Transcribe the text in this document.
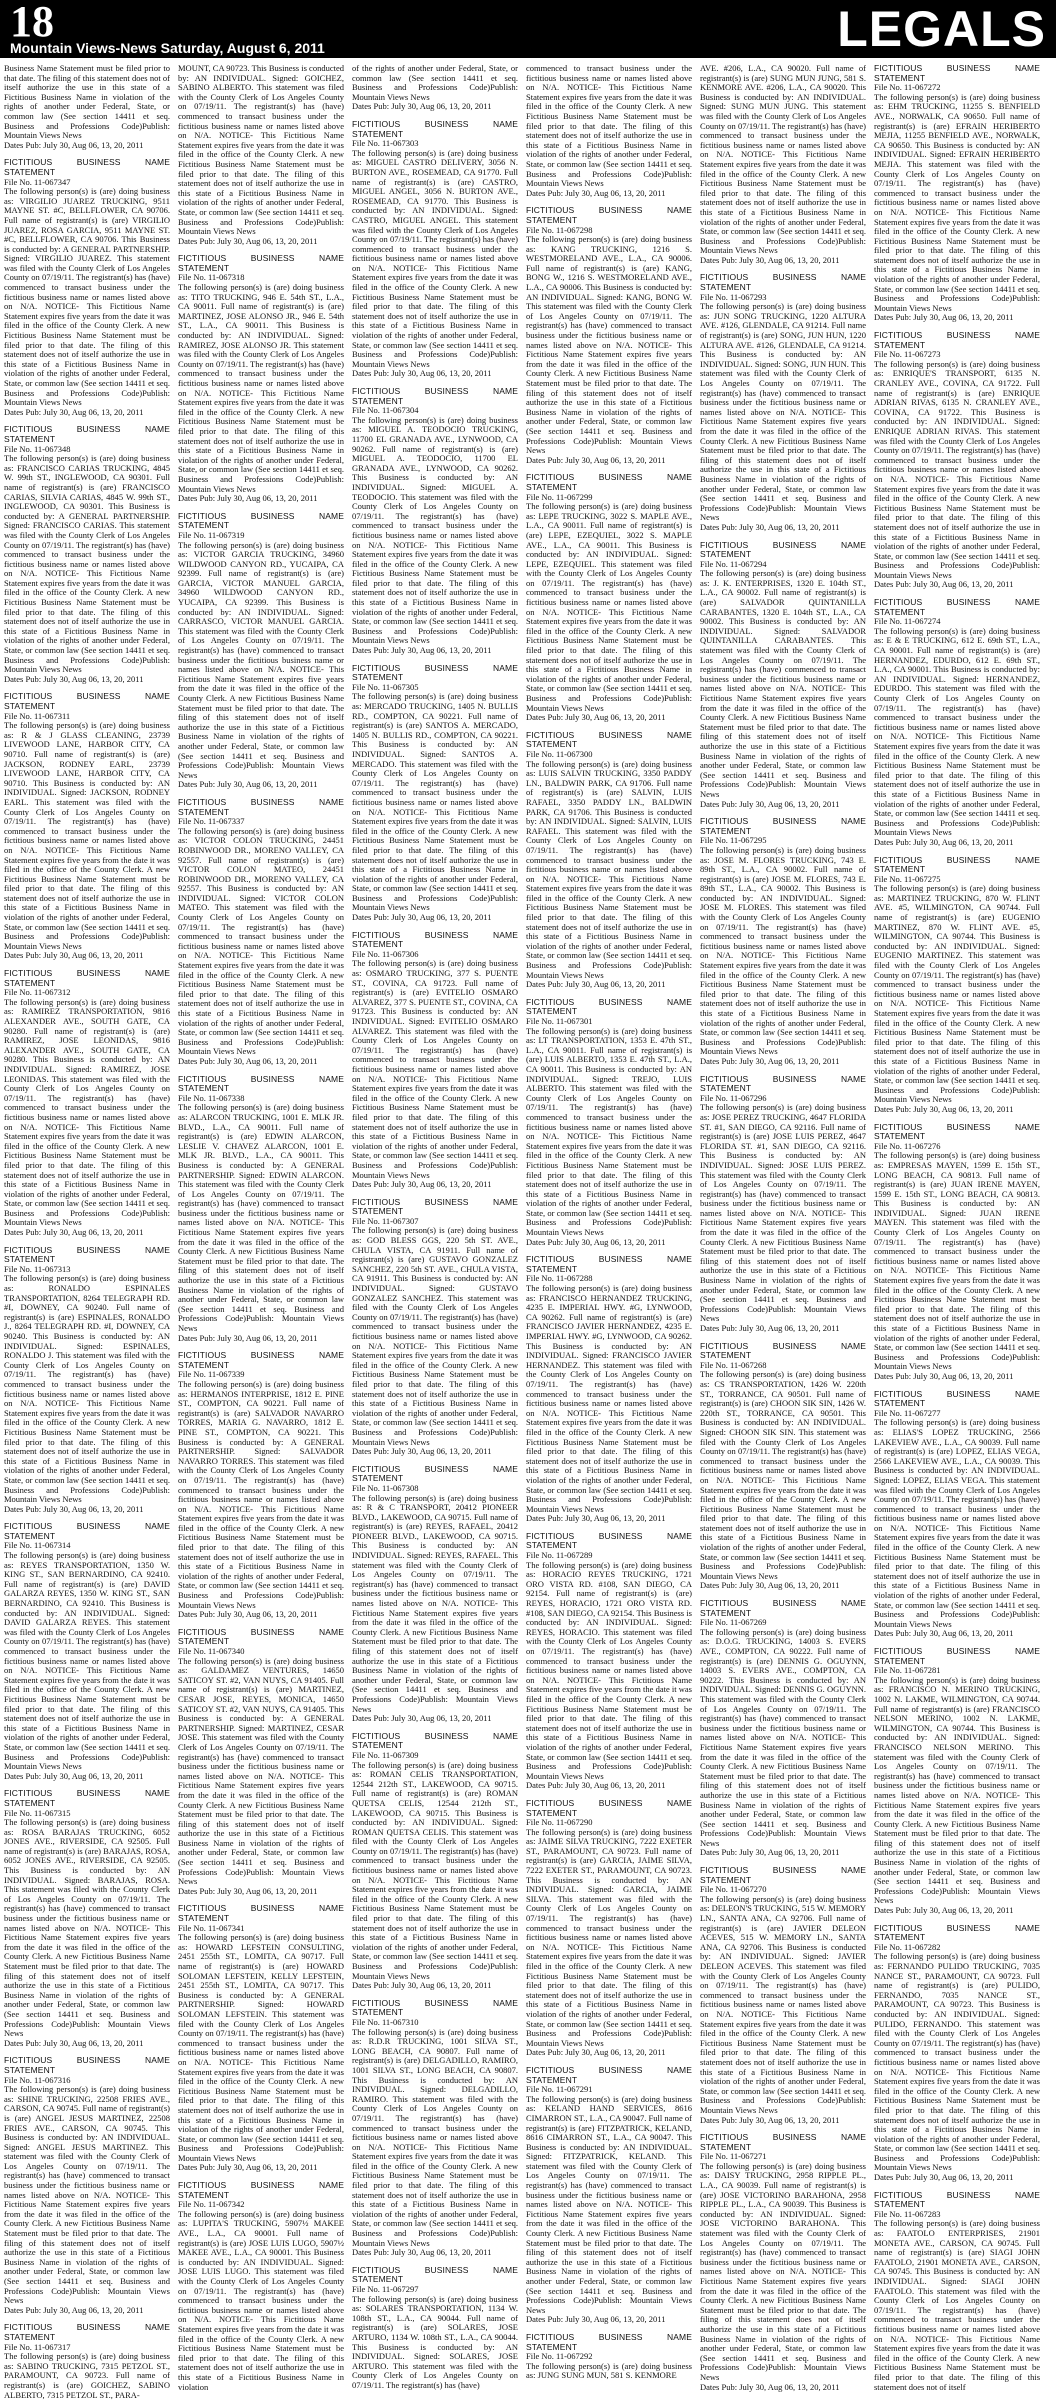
18
Mountain Views-News Saturday, August 6, 2011	LEGALS
Business Name Statement must be filed prior to that date. The filing of this statement does not of itself authorize the use in this state of a Fictitious Business Name in violation of the rights of another under Federal, State, or common law (See section 14411 et seq. Business and Professions Code)Publish: Mountain Views News
Dates Pub: July 30, Aug 06, 13, 20, 2011
FICTITIOUS BUSINESS NAME STATEMENT
File No. 11-067347
The following person(s) is (are) doing business as: VIRGILIO JUAREZ TRUCKING, 9511 MAYNE ST. #C, BELLFLOWER, CA 90706. Full name of registrant(s) is (are) VIRGILIO JUAREZ, ROSA GARCIA, 9511 MAYNE ST. #C, BELLFLOWER, CA 90706. This Business is conducted by: A GENERAL PARTNERSHIP. Signed: VIRGILIO JUAREZ. This statement was filed with the County Clerk of Los Angeles County on 07/19/11. The registrant(s) has (have) commenced to transact business under the fictitious business name or names listed above on N/A. NOTICE- This Fictitious Name Statement expires five years from the date it was filed in the office of the County Clerk. A new Fictitious Business Name Statement must be filed prior to that date. The filing of this statement does not of itself authorize the use in this state of a Fictitious Business Name in violation of the rights of another under Federal, State, or common law (See section 14411 et seq. Business and Professions Code)Publish: Mountain Views News
Dates Pub: July 30, Aug 06, 13, 20, 2011
FICTITIOUS BUSINESS NAME STATEMENT
File No. 11-067348
The following person(s) is (are) doing business as: FRANCISCO CARIAS TRUCKING, 4845 W. 99th ST., INGLEWOOD, CA 90301. Full name of registrant(s) is (are) FRANCISCO CARIAS, SILVIA CARIAS, 4845 W. 99th ST., INGLEWOOD, CA 90301. This Business is conducted by: A GENERAL PARTNERSHIP. Signed: FRANCISCO CARIAS. This statement was filed with the County Clerk of Los Angeles County on 07/19/11. The registrant(s) has (have) commenced to transact business under the fictitious business name or names listed above on N/A. NOTICE- This Fictitious Name Statement expires five years from the date it was filed in the office of the County Clerk. A new Fictitious Business Name Statement must be filed prior to that date. The filing of this statement does not of itself authorize the use in this state of a Fictitious Business Name in violation of the rights of another under Federal, State, or common law (See section 14411 et seq. Business and Professions Code)Publish: Mountain Views News
Dates Pub: July 30, Aug 06, 13, 20, 2011
FICTITIOUS BUSINESS NAME STATEMENT
File No. 11-067311
The following person(s) is (are) doing business as: R & J GLASS CLEANING, 23739 LIVEWOOD LANE, HARBOR CITY, CA 90710. Full name of registrant(s) is (are) JACKSON, RODNEY EARL, 23739 LIVEWOOD LANE, HARBOR CITY, CA 90710. This Business is conducted by: AN INDIVIDUAL. Signed: JACKSON, RODNEY EARL. This statement was filed with the County Clerk of Los Angeles County on 07/19/11. The registrant(s) has (have) commenced to transact business under the fictitious business name or names listed above on N/A. NOTICE- This Fictitious Name Statement expires five years from the date it was filed in the office of the County Clerk. A new Fictitious Business Name Statement must be filed prior to that date. The filing of this statement does not of itself authorize the use in this state of a Fictitious Business Name in violation of the rights of another under Federal, State, or common law (See section 14411 et seq. Business and Professions Code)Publish: Mountain Views News
Dates Pub: July 30, Aug 06, 13, 20, 2011
FICTITIOUS BUSINESS NAME STATEMENT
File No. 11-067312
The following person(s) is (are) doing business as: RAMIREZ TRANSPORTATION, 9816 ALEXANDER AVE., SOUTH GATE, CA 90280. Full name of registrant(s) is (are) RAMIREZ, JOSE LEONIDAS, 9816 ALEXANDER AVE., SOUTH GATE, CA 90280. This Business is conducted by: AN INDIVIDUAL. Signed: RAMIREZ, JOSE LEONIDAS. This statement was filed with the County Clerk of Los Angeles County on 07/19/11. The registrant(s) has (have) commenced to transact business under the fictitious business name or names listed above on N/A. NOTICE- This Fictitious Name Statement expires five years from the date it was filed in the office of the County Clerk. A new Fictitious Business Name Statement must be filed prior to that date. The filing of this statement does not of itself authorize the use in this state of a Fictitious Business Name in violation of the rights of another under Federal, State, or common law (See section 14411 et seq. Business and Professions Code)Publish: Mountain Views News
Dates Pub: July 30, Aug 06, 13, 20, 2011
FICTITIOUS BUSINESS NAME STATEMENT
File No. 11-067313
The following person(s) is (are) doing business as: RONALDO ESPINALES TRANSPORTATION, 8264 TELEGRAPH RD. #I, DOWNEY, CA 90240. Full name of registrant(s) is (are) ESPINALES, RONALDO J., 8264 TELEGRAPH RD. #I, DOWNEY, CA 90240. This Business is conducted by: AN INDIVIDUAL. Signed: ESPINALES, RONALDO J. This statement was filed with the County Clerk of Los Angeles County on 07/19/11. The registrant(s) has (have) commenced to transact business under the fictitious business name or names listed above on N/A. NOTICE- This Fictitious Name Statement expires five years from the date it was filed in the office of the County Clerk. A new Fictitious Business Name Statement must be filed prior to that date. The filing of this statement does not of itself authorize the use in this state of a Fictitious Business Name in violation of the rights of another under Federal, State, or common law (See section 14411 et seq. Business and Professions Code)Publish: Mountain Views News
Dates Pub: July 30, Aug 06, 13, 20, 2011
FICTITIOUS BUSINESS NAME STATEMENT
File No. 11-067314
The following person(s) is (are) doing business as: REYES TRANSPORTATION, 1350 W. KING ST., SAN BERNARDINO, CA 92410. Full name of registrant(s) is (are) DAVID GALARZA REYES, 1350 W. KING ST., SAN BERNARDINO, CA 92410. This Business is conducted by: AN INDIVIDUAL. Signed: DAVID GALARZA REYES. This statement was filed with the County Clerk of Los Angeles County on 07/19/11. The registrant(s) has (have) commenced to transact business under the fictitious business name or names listed above on N/A. NOTICE- This Fictitious Name Statement expires five years from the date it was filed in the office of the County Clerk. A new Fictitious Business Name Statement must be filed prior to that date. The filing of this statement does not of itself authorize the use in this state of a Fictitious Business Name in violation of the rights of another under Federal, State, or common law (See section 14411 et seq. Business and Professions Code)Publish: Mountain Views News
Dates Pub: July 30, Aug 06, 13, 20, 2011
FICTITIOUS BUSINESS NAME STATEMENT
File No. 11-067315
The following person(s) is (are) doing business as: ROSA BARAJAS TRUCKING, 6052 JONES AVE., RIVERSIDE, CA 92505. Full name of registrant(s) is (are) BARAJAS, ROSA, 6052 JONES AVE., RIVERSIDE, CA 92505. This Business is conducted by: AN INDIVIDUAL. Signed: BARAJAS, ROSA. This statement was filed with the County Clerk of Los Angeles County on 07/19/11. The registrant(s) has (have) commenced to transact business under the fictitious business name or names listed above on N/A. NOTICE- This Fictitious Name Statement expires five years from the date it was filed in the office of the County Clerk. A new Fictitious Business Name Statement must be filed prior to that date. The filing of this statement does not of itself authorize the use in this state of a Fictitious Business Name in violation of the rights of another under Federal, State, or common law (See section 14411 et seq. Business and Professions Code)Publish: Mountain Views News
Dates Pub: July 30, Aug 06, 13, 20, 2011
FICTITIOUS BUSINESS NAME STATEMENT
File No. 11-067316
The following person(s) is (are) doing business as: SHINE TRUCKING, 22508 FRIES AVE., CARSON, CA 90745. Full name of registrant(s) is (are) ANGEL JESUS MARTINEZ, 22508 FRIES AVE., CARSON, CA 90745. This Business is conducted by: AN INDIVIDUAL. Signed: ANGEL JESUS MARTINEZ. This statement was filed with the County Clerk of Los Angeles County on 07/19/11. The registrant(s) has (have) commenced to transact business under the fictitious business name or names listed above on N/A. NOTICE- This Fictitious Name Statement expires five years from the date it was filed in the office of the County Clerk. A new Fictitious Business Name Statement must be filed prior to that date. The filing of this statement does not of itself authorize the use in this state of a Fictitious Business Name in violation of the rights of another under Federal, State, or common law (See section 14411 et seq. Business and Professions Code)Publish: Mountain Views News
Dates Pub: July 30, Aug 06, 13, 20, 2011
FICTITIOUS BUSINESS NAME STATEMENT
File No. 11-067317
The following person(s) is (are) doing business as: SABINO TRUCKING, 7315 PETZOL ST., PARAMOUNT, CA 90723. Full name of registrant(s) is (are) GOICHEZ, SABINO ALBERTO, 7315 PETZOL ST., PARA-
MOUNT, CA 90723. This Business is conducted by: AN INDIVIDUAL. Signed: GOICHEZ, SABINO ALBERTO. This statement was filed with the County Clerk of Los Angeles County on 07/19/11. The registrant(s) has (have) commenced to transact business under the fictitious business name or names listed above on N/A. NOTICE- This Fictitious Name Statement expires five years from the date it was filed in the office of the County Clerk. A new Fictitious Business Name Statement must be filed prior to that date. The filing of this statement does not of itself authorize the use in this state of a Fictitious Business Name in violation of the rights of another under Federal, State, or common law (See section 14411 et seq. Business and Professions Code)Publish: Mountain Views News
Dates Pub: July 30, Aug 06, 13, 20, 2011
FICTITIOUS BUSINESS NAME STATEMENT
File No. 11-067318
The following person(s) is (are) doing business as: TITO TRUCKING, 946 E. 54th ST., L.A., CA 90011. Full name of registrant(s) is (are) MARTINEZ, JOSE ALONSO JR., 946 E. 54th ST., L.A., CA 90011. This Business is conducted by: AN INDIVIDUAL. Signed: RAMIREZ, JOSE ALONSO JR. This statement was filed with the County Clerk of Los Angeles County on 07/19/11. The registrant(s) has (have) commenced to transact business under the fictitious business name or names listed above on N/A. NOTICE- This Fictitious Name Statement expires five years from the date it was filed in the office of the County Clerk. A new Fictitious Business Name Statement must be filed prior to that date. The filing of this statement does not of itself authorize the use in this state of a Fictitious Business Name in violation of the rights of another under Federal, State, or common law (See section 14411 et seq. Business and Professions Code)Publish: Mountain Views News
Dates Pub: July 30, Aug 06, 13, 20, 2011
FICTITIOUS BUSINESS NAME STATEMENT
File No. 11-067319
The following person(s) is (are) doing business as: VICTOR GARCIA TRUCKING, 34960 WILDWOOD CANYON RD., YUCAIPA, CA 92399. Full name of registrant(s) is (are) GARCIA, VICTOR MANUEL GARCIA, 34960 WILDWOOD CANYON RD., YUCAIPA, CA 92399. This Business is conducted by: AN INDIVIDUAL. Signed: CARRASCO, VICTOR MANUEL GARCIA. This statement was filed with the County Clerk of Los Angeles County on 07/19/11. The registrant(s) has (have) commenced to transact business under the fictitious business name or names listed above on N/A. NOTICE- This Fictitious Name Statement expires five years from the date it was filed in the office of the County Clerk. A new Fictitious Business Name Statement must be filed prior to that date. The filing of this statement does not of itself authorize the use in this state of a Fictitious Business Name in violation of the rights of another under Federal, State, or common law (See section 14411 et seq. Business and Professions Code)Publish: Mountain Views News
Dates Pub: July 30, Aug 06, 13, 20, 2011
FICTITIOUS BUSINESS NAME STATEMENT
File No. 11-067337
The following person(s) is (are) doing business as: VICTOR COLON TRUCKING, 24451 ROBINWOOD DR., MORENO VALLEY, CA 92557. Full name of registrant(s) is (are) VICTOR COLON MATEO, 24451 ROBINWOOD DR., MORENO VALLEY, CA 92557. This Business is conducted by: AN INDIVIDUAL. Signed: VICTOR COLON MATEO. This statement was filed with the County Clerk of Los Angeles County on 07/19/11. The registrant(s) has (have) commenced to transact business under the fictitious business name or names listed above on N/A. NOTICE- This Fictitious Name Statement expires five years from the date it was filed in the office of the County Clerk. A new Fictitious Business Name Statement must be filed prior to that date. The filing of this statement does not of itself authorize the use in this state of a Fictitious Business Name in violation of the rights of another under Federal, State, or common law (See section 14411 et seq. Business and Professions Code)Publish: Mountain Views News
Dates Pub: July 30, Aug 06, 13, 20, 2011
FICTITIOUS BUSINESS NAME STATEMENT
File No. 11-067338
The following person(s) is (are) doing business as: ALARCON TRUCKING, 1001 E. MLK JR. BLVD., L.A., CA 90011. Full name of registrant(s) is (are) EDWIN ALARCON, LESLIE V. CHAVEZ ALARCON, 1001 E. MLK JR. BLVD., L.A., CA 90011. This Business is conducted by: A GENERAL PARTNERSHIP. Signed: EDWIN ALARCON. This statement was filed with the County Clerk of Los Angeles County on 07/19/11. The registrant(s) has (have) commenced to transact business under the fictitious business name or names listed above on N/A. NOTICE- This Fictitious Name Statement expires five years from the date it was filed in the office of the County Clerk. A new Fictitious Business Name Statement must be filed prior to that date. The filing of this statement does not of itself authorize the use in this state of a Fictitious Business Name in violation of the rights of another under Federal, State, or common law (See section 14411 et seq. Business and Professions Code)Publish: Mountain Views News
Dates Pub: July 30, Aug 06, 13, 20, 2011
FICTITIOUS BUSINESS NAME STATEMENT
File No. 11-067339
The following person(s) is (are) doing business as: HERMANOS INTERPRISE, 1812 E. PINE ST., COMPTON, CA 90221. Full name of registrant(s) is (are) SALVADOR NAVARRO TORRES, MARIA G. NAVARRO, 1812 E. PINE ST., COMPTON, CA 90221. This Business is conducted by: A GENERAL PARTNERSHIP. Signed: SALVADOR NAVARRO TORRES. This statement was filed with the County Clerk of Los Angeles County on 07/19/11. The registrant(s) has (have) commenced to transact business under the fictitious business name or names listed above on N/A. NOTICE- This Fictitious Name Statement expires five years from the date it was filed in the office of the County Clerk. A new Fictitious Business Name Statement must be filed prior to that date. The filing of this statement does not of itself authorize the use in this state of a Fictitious Business Name in violation of the rights of another under Federal, State, or common law (See section 14411 et seq. Business and Professions Code)Publish: Mountain Views News
Dates Pub: July 30, Aug 06, 13, 20, 2011
FICTITIOUS BUSINESS NAME STATEMENT
File No. 11-067340
The following person(s) is (are) doing business as: GALDAMEZ VENTURES, 14650 SATICOY ST. #2, VAN NUYS, CA 91405. Full name of registrant(s) is (are) MARTINEZ, CESAR JOSE, REYES, MONICA, 14650 SATICOY ST. #2, VAN NUYS, CA 91405. This Business is conducted by: A GENERAL PARTNERSHIP. Signed: MARTINEZ, CESAR JOSE. This statement was filed with the County Clerk of Los Angeles County on 07/19/11. The registrant(s) has (have) commenced to transact business under the fictitious business name or names listed above on N/A. NOTICE- This Fictitious Name Statement expires five years from the date it was filed in the office of the County Clerk. A new Fictitious Business Name Statement must be filed prior to that date. The filing of this statement does not of itself authorize the use in this state of a Fictitious Business Name in violation of the rights of another under Federal, State, or common law (See section 14411 et seq. Business and Professions Code)Publish: Mountain Views News
Dates Pub: July 30, Aug 06, 13, 20, 2011
FICTITIOUS BUSINESS NAME STATEMENT
File No. 11-067341
The following person(s) is (are) doing business as: HOWARD LEFSTEIN CONSULTING, 2451 255th ST., LOMITA, CA 90717. Full name of registrant(s) is (are) HOWARD SOLOMAN LEFSTEIN, KELLY LEFSTEIN, 2451 255th ST., LOMITA, CA 90717. This Business is conducted by: A GENERAL PARTNERSHIP. Signed: HOWARD SOLOMAN LEFSTEIN. This statement was filed with the County Clerk of Los Angeles County on 07/19/11. The registrant(s) has (have) commenced to transact business under the fictitious business name or names listed above on N/A. NOTICE- This Fictitious Name Statement expires five years from the date it was filed in the office of the County Clerk. A new Fictitious Business Name Statement must be filed prior to that date. The filing of this statement does not of itself authorize the use in this state of a Fictitious Business Name in violation of the rights of another under Federal, State, or common law (See section 14411 et seq. Business and Professions Code)Publish: Mountain Views News
Dates Pub: July 30, Aug 06, 13, 20, 2011
FICTITIOUS BUSINESS NAME STATEMENT
File No. 11-067342
The following person(s) is (are) doing business as: LUPITA'S TRUCKING, 5907½ MAKEE AVE., L.A., CA 90001. Full name of registrant(s) is (are) JOSE LUIS LUGO, 5907½ MAKEE AVE., L.A., CA 90001. This Business is conducted by: AN INDIVIDUAL. Signed: JOSE LUIS LUGO. This statement was filed with the County Clerk of Los Angeles County on 07/19/11. The registrant(s) has (have) commenced to transact business under the fictitious business name or names listed above on N/A. NOTICE- This Fictitious Name Statement expires five years from the date it was filed in the office of the County Clerk. A new Fictitious Business Name Statement must be filed prior to that date. The filing of this statement does not of itself authorize the use in this state of a Fictitious Business Name in violation
of the rights of another under Federal, State, or common law (See section 14411 et seq. Business and Professions Code)Publish: Mountain Views News
Dates Pub: July 30, Aug 06, 13, 20, 2011
FICTITIOUS BUSINESS NAME STATEMENT
File No. 11-067303
The following person(s) is (are) doing business as: MIGUEL CASTRO DELIVERY, 3056 N. BURTON AVE., ROSEMEAD, CA 91770. Full name of registrant(s) is (are) CASTRO, MIGUEL ANGEL, 3056 N. BURTON AVE., ROSEMEAD, CA 91770. This Business is conducted by: AN INDIVIDUAL. Signed: CASTRO, MIGUEL ANGEL. This statement was filed with the County Clerk of Los Angeles County on 07/19/11. The registrant(s) has (have) commenced to transact business under the fictitious business name or names listed above on N/A. NOTICE- This Fictitious Name Statement expires five years from the date it was filed in the office of the County Clerk. A new Fictitious Business Name Statement must be filed prior to that date. The filing of this statement does not of itself authorize the use in this state of a Fictitious Business Name in violation of the rights of another under Federal, State, or common law (See section 14411 et seq. Business and Professions Code)Publish: Mountain Views News
Dates Pub: July 30, Aug 06, 13, 20, 2011
FICTITIOUS BUSINESS NAME STATEMENT
File No. 11-067304
The following person(s) is (are) doing business as: MIGUEL A. TEODOCIO TRUCKING, 11700 EL GRANADA AVE., LYNWOOD, CA 90262. Full name of registrant(s) is (are) MIGUEL A. TEODOCIO, 11700 EL GRANADA AVE., LYNWOOD, CA 90262. This Business is conducted by: AN INDIVIDUAL. Signed: MIGUEL A. TEODOCIO. This statement was filed with the County Clerk of Los Angeles County on 07/19/11. The registrant(s) has (have) commenced to transact business under the fictitious business name or names listed above on N/A. NOTICE- This Fictitious Name Statement expires five years from the date it was filed in the office of the County Clerk. A new Fictitious Business Name Statement must be filed prior to that date. The filing of this statement does not of itself authorize the use in this state of a Fictitious Business Name in violation of the rights of another under Federal, State, or common law (See section 14411 et seq. Business and Professions Code)Publish: Mountain Views News
Dates Pub: July 30, Aug 06, 13, 20, 2011
FICTITIOUS BUSINESS NAME STATEMENT
File No. 11-067305
The following person(s) is (are) doing business as: MERCADO TRUCKING, 1405 N. BULLIS RD., COMPTON, CA 90221. Full name of registrant(s) is (are) SANTOS A. MERCADO, 1405 N. BULLIS RD., COMPTON, CA 90221. This Business is conducted by: AN INDIVIDUAL. Signed: SANTOS A. MERCADO. This statement was filed with the County Clerk of Los Angeles County on 07/19/11. The registrant(s) has (have) commenced to transact business under the fictitious business name or names listed above on N/A. NOTICE- This Fictitious Name Statement expires five years from the date it was filed in the office of the County Clerk. A new Fictitious Business Name Statement must be filed prior to that date. The filing of this statement does not of itself authorize the use in this state of a Fictitious Business Name in violation of the rights of another under Federal, State, or common law (See section 14411 et seq. Business and Professions Code)Publish: Mountain Views News
Dates Pub: July 30, Aug 06, 13, 20, 2011
FICTITIOUS BUSINESS NAME STATEMENT
File No. 11-067306
The following person(s) is (are) doing business as: OSMARO TRUCKING, 377 S. PUENTE ST., COVINA, CA 91723. Full name of registrant(s) is (are) EVITELIO OSMARO ALVAREZ, 377 S. PUENTE ST., COVINA, CA 91723. This Business is conducted by: AN INDIVIDUAL. Signed: EVITELIO OSMARO ALVAREZ. This statement was filed with the County Clerk of Los Angeles County on 07/19/11. The registrant(s) has (have) commenced to transact business under the fictitious business name or names listed above on N/A. NOTICE- This Fictitious Name Statement expires five years from the date it was filed in the office of the County Clerk. A new Fictitious Business Name Statement must be filed prior to that date. The filing of this statement does not of itself authorize the use in this state of a Fictitious Business Name in violation of the rights of another under Federal, State, or common law (See section 14411 et seq. Business and Professions Code)Publish: Mountain Views News
Dates Pub: July 30, Aug 06, 13, 20, 2011
FICTITIOUS BUSINESS NAME STATEMENT
File No. 11-067307
The following person(s) is (are) doing business as: GOD BLESS GGS, 220 5th ST. AVE., CHULA VISTA, CA 91911. Full name of registrant(s) is (are) GUSTAVO GONZALEZ SANCHEZ, 220 5th ST. AVE., CHULA VISTA, CA 91911. This Business is conducted by: AN INDIVIDUAL. Signed: GUSTAVO GONZALEZ SANCHEZ. This statement was filed with the County Clerk of Los Angeles County on 07/19/11. The registrant(s) has (have) commenced to transact business under the fictitious business name or names listed above on N/A. NOTICE- This Fictitious Name Statement expires five years from the date it was filed in the office of the County Clerk. A new Fictitious Business Name Statement must be filed prior to that date. The filing of this statement does not of itself authorize the use in this state of a Fictitious Business Name in violation of the rights of another under Federal, State, or common law (See section 14411 et seq. Business and Professions Code)Publish: Mountain Views News
Dates Pub: July 30, Aug 06, 13, 20, 2011
FICTITIOUS BUSINESS NAME STATEMENT
File No. 11-067308
The following person(s) is (are) doing business as: R & C TRANSPORT, 20412 PIONEER BLVD., LAKEWOOD, CA 90715. Full name of registrant(s) is (are) REYES, RAFAEL, 20412 PIONEER BLVD., LAKEWOOD, CA 90715. This Business is conducted by: AN INDIVIDUAL. Signed: REYES, RAFAEL. This statement was filed with the County Clerk of Los Angeles County on 07/19/11. The registrant(s) has (have) commenced to transact business under the fictitious business name or names listed above on N/A. NOTICE- This Fictitious Name Statement expires five years from the date it was filed in the office of the County Clerk. A new Fictitious Business Name Statement must be filed prior to that date. The filing of this statement does not of itself authorize the use in this state of a Fictitious Business Name in violation of the rights of another under Federal, State, or common law (See section 14411 et seq. Business and Professions Code)Publish: Mountain Views News
Dates Pub: July 30, Aug 06, 13, 20, 2011
FICTITIOUS BUSINESS NAME STATEMENT
File No. 11-067309
The following person(s) is (are) doing business as: ROMAN CELIS TRANSPORTATION, 12544 212th ST., LAKEWOOD, CA 90715. Full name of registrant(s) is (are) ROMAN QUETSA CELIS, 12544 212th ST., LAKEWOOD, CA 90715. This Business is conducted by: AN INDIVIDUAL. Signed: ROMAN QUETSA CELIS. This statement was filed with the County Clerk of Los Angeles County on 07/19/11. The registrant(s) has (have) commenced to transact business under the fictitious business name or names listed above on N/A. NOTICE- This Fictitious Name Statement expires five years from the date it was filed in the office of the County Clerk. A new Fictitious Business Name Statement must be filed prior to that date. The filing of this statement does not of itself authorize the use in this state of a Fictitious Business Name in violation of the rights of another under Federal, State, or common law (See section 14411 et seq. Business and Professions Code)Publish: Mountain Views News
Dates Pub: July 30, Aug 06, 13, 20, 2011
FICTITIOUS BUSINESS NAME STATEMENT
File No. 11-067310
The following person(s) is (are) doing business as: R.D.R TRUCKING, 1001 SILVA ST., LONG BEACH, CA 90807. Full name of registrant(s) is (are) DELGADILLO, RAMIRO, 1001 SILVA ST., LONG BEACH, CA 90807. This Business is conducted by: AN INDIVIDUAL. Signed: DELGADILLO, RAMIRO. This statement was filed with the County Clerk of Los Angeles County on 07/19/11. The registrant(s) has (have) commenced to transact business under the fictitious business name or names listed above on N/A. NOTICE- This Fictitious Name Statement expires five years from the date it was filed in the office of the County Clerk. A new Fictitious Business Name Statement must be filed prior to that date. The filing of this statement does not of itself authorize the use in this state of a Fictitious Business Name in violation of the rights of another under Federal, State, or common law (See section 14411 et seq. Business and Professions Code)Publish: Mountain Views News
Dates Pub: July 30, Aug 06, 13, 20, 2011
FICTITIOUS BUSINESS NAME STATEMENT
File No. 11-067297
The following person(s) is (are) doing business as: SOLARES TRANSPORTATION, 1134 W. 108th ST., L.A., CA 90044. Full name of registrant(s) is (are) SOLARES, JOSE ARTURO, 1134 W. 108th ST., L.A., CA 90044. This Business is conducted by: AN INDIVIDUAL. Signed: SOLARES, JOSE ARTURO. This statement was filed with the County Clerk of Los Angeles County on 07/19/11. The registrant(s) has (have)
commenced to transact business under the fictitious business name or names listed above on N/A. NOTICE- This Fictitious Name Statement expires five years from the date it was filed in the office of the County Clerk. A new Fictitious Business Name Statement must be filed prior to that date. The filing of this statement does not of itself authorize the use in this state of a Fictitious Business Name in violation of the rights of another under Federal, State, or common law (See section 14411 et seq. Business and Professions Code)Publish: Mountain Views News
Dates Pub: July 30, Aug 06, 13, 20, 2011
FICTITIOUS BUSINESS NAME STATEMENT
File No. 11-067298
The following person(s) is (are) doing business as: KANG TRUCKING, 1216 S. WESTMORELAND AVE., L.A., CA 90006. Full name of registrant(s) is (are) KANG, BONG W., 1216 S. WESTMORELAND AVE., L.A., CA 90006. This Business is conducted by: AN INDIVIDUAL. Signed: KANG, BONG W. This statement was filed with the County Clerk of Los Angeles County on 07/19/11. The registrant(s) has (have) commenced to transact business under the fictitious business name or names listed above on N/A. NOTICE- This Fictitious Name Statement expires five years from the date it was filed in the office of the County Clerk. A new Fictitious Business Name Statement must be filed prior to that date. The filing of this statement does not of itself authorize the use in this state of a Fictitious Business Name in violation of the rights of another under Federal, State, or common law (See section 14411 et seq. Business and Professions Code)Publish: Mountain Views News
Dates Pub: July 30, Aug 06, 13, 20, 2011
FICTITIOUS BUSINESS NAME STATEMENT
File No. 11-067299
The following person(s) is (are) doing business as: LEPE TRUCKING, 3022 S. MAPLE AVE., L.A., CA 90011. Full name of registrant(s) is (are) LEPE, EZEQUIEL, 3022 S. MAPLE AVE., L.A., CA 90011. This Business is conducted by: AN INDIVIDUAL. Signed: LEPE, EZEQUIEL. This statement was filed with the County Clerk of Los Angeles County on 07/19/11. The registrant(s) has (have) commenced to transact business under the fictitious business name or names listed above on N/A. NOTICE- This Fictitious Name Statement expires five years from the date it was filed in the office of the County Clerk. A new Fictitious Business Name Statement must be filed prior to that date. The filing of this statement does not of itself authorize the use in this state of a Fictitious Business Name in violation of the rights of another under Federal, State, or common law (See section 14411 et seq. Business and Professions Code)Publish: Mountain Views News
Dates Pub: July 30, Aug 06, 13, 20, 2011
FICTITIOUS BUSINESS NAME STATEMENT
File No. 11-067300
The following person(s) is (are) doing business as: LUIS SALVIN TRUCKING, 3350 PADDY LN., BALDWIN PARK, CA 91706. Full name of registrant(s) is (are) SALVIN, LUIS RAFAEL, 3350 PADDY LN., BALDWIN PARK, CA 91706. This Business is conducted by: AN INDIVIDUAL. Signed: SALVIN, LUIS RAFAEL. This statement was filed with the County Clerk of Los Angeles County on 07/19/11. The registrant(s) has (have) commenced to transact business under the fictitious business name or names listed above on N/A. NOTICE- This Fictitious Name Statement expires five years from the date it was filed in the office of the County Clerk. A new Fictitious Business Name Statement must be filed prior to that date. The filing of this statement does not of itself authorize the use in this state of a Fictitious Business Name in violation of the rights of another under Federal, State, or common law (See section 14411 et seq. Business and Professions Code)Publish: Mountain Views News
Dates Pub: July 30, Aug 06, 13, 20, 2011
FICTITIOUS BUSINESS NAME STATEMENT
File No. 11-067301
The following person(s) is (are) doing business as: LT TRANSPORTATION, 1353 E. 47th ST., L.A., CA 90011. Full name of registrant(s) is (are) LUIS ALBERTO, 1353 E. 47th ST., L.A., CA 90011. This Business is conducted by: AN INDIVIDUAL. Signed: TREJO, LUIS ALBERTO. This statement was filed with the County Clerk of Los Angeles County on 07/19/11. The registrant(s) has (have) commenced to transact business under the fictitious business name or names listed above on N/A. NOTICE- This Fictitious Name Statement expires five years from the date it was filed in the office of the County Clerk. A new Fictitious Business Name Statement must be filed prior to that date. The filing of this statement does not of itself authorize the use in this state of a Fictitious Business Name in violation of the rights of another under Federal, State, or common law (See section 14411 et seq. Business and Professions Code)Publish: Mountain Views News
Dates Pub: July 30, Aug 06, 13, 20, 2011
FICTITIOUS BUSINESS NAME STATEMENT
File No. 11-067288
The following person(s) is (are) doing business as: FRANCISCO HERNANDEZ TRUCKING, 4235 E. IMPERIAL HWY. #G, LYNWOOD, CA 90262. Full name of registrant(s) is (are) FRANCISCO JAVIER HERNANDEZ, 4235 E. IMPERIAL HWY. #G, LYNWOOD, CA 90262. This Business is conducted by: AN INDIVIDUAL. Signed: FRANCISCO JAVIER HERNANDEZ. This statement was filed with the County Clerk of Los Angeles County on 07/19/11. The registrant(s) has (have) commenced to transact business under the fictitious business name or names listed above on N/A. NOTICE- This Fictitious Name Statement expires five years from the date it was filed in the office of the County Clerk. A new Fictitious Business Name Statement must be filed prior to that date. The filing of this statement does not of itself authorize the use in this state of a Fictitious Business Name in violation of the rights of another under Federal, State, or common law (See section 14411 et seq. Business and Professions Code)Publish: Mountain Views News
Dates Pub: July 30, Aug 06, 13, 20, 2011
FICTITIOUS BUSINESS NAME STATEMENT
File No. 11-067289
The following person(s) is (are) doing business as: HORACIO REYES TRUCKING, 1721 ORO VISTA RD. #108, SAN DIEGO, CA 92154. Full name of registrant(s) is (are) REYES, HORACIO, 1721 ORO VISTA RD. #108, SAN DIEGO, CA 92154. This Business is conducted by: AN INDIVIDUAL. Signed: REYES, HORACIO. This statement was filed with the County Clerk of Los Angeles County on 07/19/11. The registrant(s) has (have) commenced to transact business under the fictitious business name or names listed above on N/A. NOTICE- This Fictitious Name Statement expires five years from the date it was filed in the office of the County Clerk. A new Fictitious Business Name Statement must be filed prior to that date. The filing of this statement does not of itself authorize the use in this state of a Fictitious Business Name in violation of the rights of another under Federal, State, or common law (See section 14411 et seq. Business and Professions Code)Publish: Mountain Views News
Dates Pub: July 30, Aug 06, 13, 20, 2011
FICTITIOUS BUSINESS NAME STATEMENT
File No. 11-067290
The following person(s) is (are) doing business as: JAIME SILVA TRUCKING, 7222 EXETER ST., PARAMOUNT, CA 90723. Full name of registrant(s) is (are) GARCIA, JAIME SILVA, 7222 EXETER ST., PARAMOUNT, CA 90723. This Business is conducted by: AN INDIVIDUAL. Signed: GARCIA, JAIME SILVA. This statement was filed with the County Clerk of Los Angeles County on 07/19/11. The registrant(s) has (have) commenced to transact business under the fictitious business name or names listed above on N/A. NOTICE- This Fictitious Name Statement expires five years from the date it was filed in the office of the County Clerk. A new Fictitious Business Name Statement must be filed prior to that date. The filing of this statement does not of itself authorize the use in this state of a Fictitious Business Name in violation of the rights of another under Federal, State, or common law (See section 14411 et seq. Business and Professions Code)Publish: Mountain Views News
Dates Pub: July 30, Aug 06, 13, 20, 2011
FICTITIOUS BUSINESS NAME STATEMENT
File No. 11-067291
The following person(s) is (are) doing business as: KELAND HAND SERVICES, 8616 CIMARRON ST., L.A., CA 90047. Full name of registrant(s) is (are) FITZPATRICK, KELAND, 8616 CIMARRON ST., L.A., CA 90047. This Business is conducted by: AN INDIVIDUAL. Signed: FITZPATRICK, KELAND. This statement was filed with the County Clerk of Los Angeles County on 07/19/11. The registrant(s) has (have) commenced to transact business under the fictitious business name or names listed above on N/A. NOTICE- This Fictitious Name Statement expires five years from the date it was filed in the office of the County Clerk. A new Fictitious Business Name Statement must be filed prior to that date. The filing of this statement does not of itself authorize the use in this state of a Fictitious Business Name in violation of the rights of another under Federal, State, or common law (See section 14411 et seq. Business and Professions Code)Publish: Mountain Views News
Dates Pub: July 30, Aug 06, 13, 20, 2011
FICTITIOUS BUSINESS NAME STATEMENT
File No. 11-067292
The following person(s) is (are) doing business as: JUNG SUNG MUN, 581 S. KENMORE
AVE. #206, L.A., CA 90020. Full name of registrant(s) is (are) SUNG MUN JUNG, 581 S. KENMORE AVE. #206, L.A., CA 90020. This Business is conducted by: AN INDIVIDUAL. Signed: SUNG MUN JUNG. This statement was filed with the County Clerk of Los Angeles County on 07/19/11. The registrant(s) has (have) commenced to transact business under the fictitious business name or names listed above on N/A. NOTICE- This Fictitious Name Statement expires five years from the date it was filed in the office of the County Clerk. A new Fictitious Business Name Statement must be filed prior to that date. The filing of this statement does not of itself authorize the use in this state of a Fictitious Business Name in violation of the rights of another under Federal, State, or common law (See section 14411 et seq. Business and Professions Code)Publish: Mountain Views News
Dates Pub: July 30, Aug 06, 13, 20, 2011
FICTITIOUS BUSINESS NAME STATEMENT
File No. 11-067293
The following person(s) is (are) doing business as: JUN SONG TRUCKING, 1220 ALTURA AVE. #126, GLENDALE, CA 91214. Full name of registrant(s) is (are) SONG, JUN HUN, 1220 ALTURA AVE. #126, GLENDALE, CA 91214. This Business is conducted by: AN INDIVIDUAL. Signed: SONG, JUN HUN. This statement was filed with the County Clerk of Los Angeles County on 07/19/11. The registrant(s) has (have) commenced to transact business under the fictitious business name or names listed above on N/A. NOTICE- This Fictitious Name Statement expires five years from the date it was filed in the office of the County Clerk. A new Fictitious Business Name Statement must be filed prior to that date. The filing of this statement does not of itself authorize the use in this state of a Fictitious Business Name in violation of the rights of another under Federal, State, or common law (See section 14411 et seq. Business and Professions Code)Publish: Mountain Views News
Dates Pub: July 30, Aug 06, 13, 20, 2011
FICTITIOUS BUSINESS NAME STATEMENT
File No. 11-067294
The following person(s) is (are) doing business as: J. K. ENTERPRISES, 1320 E. 104th ST., L.A., CA 90002. Full name of registrant(s) is (are) SALVADOR QUINTANILLA CARABANTES, 1320 E. 104th ST., L.A., CA 90002. This Business is conducted by: AN INDIVIDUAL. Signed: SALVADOR QUINTANILLA CARABANTES. This statement was filed with the County Clerk of Los Angeles County on 07/19/11. The registrant(s) has (have) commenced to transact business under the fictitious business name or names listed above on N/A. NOTICE- This Fictitious Name Statement expires five years from the date it was filed in the office of the County Clerk. A new Fictitious Business Name Statement must be filed prior to that date. The filing of this statement does not of itself authorize the use in this state of a Fictitious Business Name in violation of the rights of another under Federal, State, or common law (See section 14411 et seq. Business and Professions Code)Publish: Mountain Views News
Dates Pub: July 30, Aug 06, 13, 20, 2011
FICTITIOUS BUSINESS NAME STATEMENT
File No. 11-067295
The following person(s) is (are) doing business as: JOSE M. FLORES TRUCKING, 743 E. 89th ST., L.A., CA 90002. Full name of registrant(s) is (are) JOSE M. FLORES, 743 E. 89th ST., L.A., CA 90002. This Business is conducted by: AN INDIVIDUAL. Signed: JOSE M. FLORES. This statement was filed with the County Clerk of Los Angeles County on 07/19/11. The registrant(s) has (have) commenced to transact business under the fictitious business name or names listed above on N/A. NOTICE- This Fictitious Name Statement expires five years from the date it was filed in the office of the County Clerk. A new Fictitious Business Name Statement must be filed prior to that date. The filing of this statement does not of itself authorize the use in this state of a Fictitious Business Name in violation of the rights of another under Federal, State, or common law (See section 14411 et seq. Business and Professions Code)Publish: Mountain Views News
Dates Pub: July 30, Aug 06, 13, 20, 2011
FICTITIOUS BUSINESS NAME STATEMENT
File No. 11-067296
The following person(s) is (are) doing business as: JOSE PEREZ TRUCKING, 4647 FLORIDA ST. #1, SAN DIEGO, CA 92116. Full name of registrant(s) is (are) JOSE LUIS PEREZ, 4647 FLORIDA ST. #1, SAN DIEGO, CA 92116. This Business is conducted by: AN INDIVIDUAL. Signed: JOSE LUIS PEREZ. This statement was filed with the County Clerk of Los Angeles County on 07/19/11. The registrant(s) has (have) commenced to transact business under the fictitious business name or names listed above on N/A. NOTICE- This Fictitious Name Statement expires five years from the date it was filed in the office of the County Clerk. A new Fictitious Business Name Statement must be filed prior to that date. The filing of this statement does not of itself authorize the use in this state of a Fictitious Business Name in violation of the rights of another under Federal, State, or common law (See section 14411 et seq. Business and Professions Code)Publish: Mountain Views News
Dates Pub: July 30, Aug 06, 13, 20, 2011
FICTITIOUS BUSINESS NAME STATEMENT
File No. 11-067268
The following person(s) is (are) doing business as: CS TRANSPORTATION, 1426 W. 220th ST., TORRANCE, CA 90501. Full name of registrant(s) is (are) CHOON SIK SIN, 1426 W. 220th ST., TORRANCE, CA 90501. This Business is conducted by: AN INDIVIDUAL. Signed: CHOON SIK SIN. This statement was filed with the County Clerk of Los Angeles County on 07/19/11. The registrant(s) has (have) commenced to transact business under the fictitious business name or names listed above on N/A. NOTICE- This Fictitious Name Statement expires five years from the date it was filed in the office of the County Clerk. A new Fictitious Business Name Statement must be filed prior to that date. The filing of this statement does not of itself authorize the use in this state of a Fictitious Business Name in violation of the rights of another under Federal, State, or common law (See section 14411 et seq. Business and Professions Code)Publish: Mountain Views News
Dates Pub: July 30, Aug 06, 13, 20, 2011
FICTITIOUS BUSINESS NAME STATEMENT
File No. 11-067269
The following person(s) is (are) doing business as: D.O.G. TRUCKING, 14003 S. EVERS AVE., COMPTON, CA 90222. Full name of registrant(s) is (are) DENNIS G. OGUYNN, 14003 S. EVERS AVE., COMPTON, CA 90222. This Business is conducted by: AN INDIVIDUAL. Signed: DENNIS G. OGUYNN. This statement was filed with the County Clerk of Los Angeles County on 07/19/11. The registrant(s) has (have) commenced to transact business under the fictitious business name or names listed above on N/A. NOTICE- This Fictitious Name Statement expires five years from the date it was filed in the office of the County Clerk. A new Fictitious Business Name Statement must be filed prior to that date. The filing of this statement does not of itself authorize the use in this state of a Fictitious Business Name in violation of the rights of another under Federal, State, or common law (See section 14411 et seq. Business and Professions Code)Publish: Mountain Views News
Dates Pub: July 30, Aug 06, 13, 20, 2011
FICTITIOUS BUSINESS NAME STATEMENT
File No. 11-067270
The following person(s) is (are) doing business as: DELEON'S TRUCKING, 515 W. MEMORY LN., SANTA ANA, CA 92706. Full name of registrant(s) is (are) JAVIER DELEON ACEVES, 515 W. MEMORY LN., SANTA ANA, CA 92706. This Business is conducted by: AN INDIVIDUAL. Signed: JAVIER DELEON ACEVES. This statement was filed with the County Clerk of Los Angeles County on 07/19/11. The registrant(s) has (have) commenced to transact business under the fictitious business name or names listed above on N/A. NOTICE- This Fictitious Name Statement expires five years from the date it was filed in the office of the County Clerk. A new Fictitious Business Name Statement must be filed prior to that date. The filing of this statement does not of itself authorize the use in this state of a Fictitious Business Name in violation of the rights of another under Federal, State, or common law (See section 14411 et seq. Business and Professions Code)Publish: Mountain Views News
Dates Pub: July 30, Aug 06, 13, 20, 2011
FICTITIOUS BUSINESS NAME STATEMENT
File No. 11-067271
The following person(s) is (are) doing business as: DAISY TRUCKING, 2958 RIPPLE PL., L.A., CA 90039. Full name of registrant(s) is (are) JOSE VICTORINO BARAHONA, 2958 RIPPLE PL., L.A., CA 90039. This Business is conducted by: AN INDIVIDUAL. Signed: JOSE VICTORINO BARAHONA. This statement was filed with the County Clerk of Los Angeles County on 07/19/11. The registrant(s) has (have) commenced to transact business under the fictitious business name or names listed above on N/A. NOTICE- This Fictitious Name Statement expires five years from the date it was filed in the office of the County Clerk. A new Fictitious Business Name Statement must be filed prior to that date. The filing of this statement does not of itself authorize the use in this state of a Fictitious Business Name in violation of the rights of another under Federal, State, or common law (See section 14411 et seq. Business and Professions Code)Publish: Mountain Views News
Dates Pub: July 30, Aug 06, 13, 20, 2011
FICTITIOUS BUSINESS NAME STATEMENT
File No. 11-067272
The following person(s) is (are) doing business as: EHM TRUCKING, 11255 S. BENFIELD AVE., NORWALK, CA 90650. Full name of registrant(s) is (are) EFRAIN HERIBERTO MEJIA, 11255 BENFIELD AVE., NORWALK, CA 90650. This Business is conducted by: AN INDIVIDUAL. Signed: EFRAIN HERIBERTO MEJIA. This statement was filed with the County Clerk of Los Angeles County on 07/19/11. The registrant(s) has (have) commenced to transact business under the fictitious business name or names listed above on N/A. NOTICE- This Fictitious Name Statement expires five years from the date it was filed in the office of the County Clerk. A new Fictitious Business Name Statement must be filed prior to that date. The filing of this statement does not of itself authorize the use in this state of a Fictitious Business Name in violation of the rights of another under Federal, State, or common law (See section 14411 et seq. Business and Professions Code)Publish: Mountain Views News
Dates Pub: July 30, Aug 06, 13, 20, 2011
FICTITIOUS BUSINESS NAME STATEMENT
File No. 11-067273
The following person(s) is (are) doing business as: ENRIQUE'S TRANSPORT, 6135 N. CRANLEY AVE., COVINA, CA 91722. Full name of registrant(s) is (are) ENRIQUE ADRIAN RIVAS, 6135 N. CRANLEY AVE., COVINA, CA 91722. This Business is conducted by: AN INDIVIDUAL. Signed: ENRIQUE ADRIAN RIVAS. This statement was filed with the County Clerk of Los Angeles County on 07/19/11. The registrant(s) has (have) commenced to transact business under the fictitious business name or names listed above on N/A. NOTICE- This Fictitious Name Statement expires five years from the date it was filed in the office of the County Clerk. A new Fictitious Business Name Statement must be filed prior to that date. The filing of this statement does not of itself authorize the use in this state of a Fictitious Business Name in violation of the rights of another under Federal, State, or common law (See section 14411 et seq. Business and Professions Code)Publish: Mountain Views News
Dates Pub: July 30, Aug 06, 13, 20, 2011
FICTITIOUS BUSINESS NAME STATEMENT
File No. 11-067274
The following person(s) is (are) doing business as: E & E TRUCKING, 612 E. 69th ST., L.A., CA 90001. Full name of registrant(s) is (are) HERNANDEZ, EDURDO, 612 E. 69th ST., L.A., CA 90001. This Business is conducted by: AN INDIVIDUAL. Signed: HERNANDEZ, EDURDO. This statement was filed with the County Clerk of Los Angeles County on 07/19/11. The registrant(s) has (have) commenced to transact business under the fictitious business name or names listed above on N/A. NOTICE- This Fictitious Name Statement expires five years from the date it was filed in the office of the County Clerk. A new Fictitious Business Name Statement must be filed prior to that date. The filing of this statement does not of itself authorize the use in this state of a Fictitious Business Name in violation of the rights of another under Federal, State, or common law (See section 14411 et seq. Business and Professions Code)Publish: Mountain Views News
Dates Pub: July 30, Aug 06, 13, 20, 2011
FICTITIOUS BUSINESS NAME STATEMENT
File No. 11-067275
The following person(s) is (are) doing business as: MARTINEZ TRUCKING, 870 W. FLINT AVE. #5, WILMINGTON, CA 90744. Full name of registrant(s) is (are) EUGENIO MARTINEZ, 870 W. FLINT AVE. #5, WILMINGTON, CA 90744. This Business is conducted by: AN INDIVIDUAL. Signed: EUGENIO MARTINEZ. This statement was filed with the County Clerk of Los Angeles County on 07/19/11. The registrant(s) has (have) commenced to transact business under the fictitious business name or names listed above on N/A. NOTICE- This Fictitious Name Statement expires five years from the date it was filed in the office of the County Clerk. A new Fictitious Business Name Statement must be filed prior to that date. The filing of this statement does not of itself authorize the use in this state of a Fictitious Business Name in violation of the rights of another under Federal, State, or common law (See section 14411 et seq. Business and Professions Code)Publish: Mountain Views News
Dates Pub: July 30, Aug 06, 13, 20, 2011
FICTITIOUS BUSINESS NAME STATEMENT
File No. 11-067276
The following person(s) is (are) doing business as: EMPRESAS MAYEN, 1599 E. 15th ST., LONG BEACH, CA 90813. Full name of registrant(s) is (are) JUAN IRENE MAYEN, 1599 E. 15th ST., LONG BEACH, CA 90813. This Business is conducted by: AN INDIVIDUAL. Signed: JUAN IRENE MAYEN. This statement was filed with the County Clerk of Los Angeles County on 07/19/11. The registrant(s) has (have) commenced to transact business under the fictitious business name or names listed above on N/A. NOTICE- This Fictitious Name Statement expires five years from the date it was filed in the office of the County Clerk. A new Fictitious Business Name Statement must be filed prior to that date. The filing of this statement does not of itself authorize the use in this state of a Fictitious Business Name in violation of the rights of another under Federal, State, or common law (See section 14411 et seq. Business and Professions Code)Publish: Mountain Views News
Dates Pub: July 30, Aug 06, 13, 20, 2011
FICTITIOUS BUSINESS NAME STATEMENT
File No. 11-067277
The following person(s) is (are) doing business as: ELIAS'S LOPEZ TRUCKING, 2566 LAKEVIEW AVE., L.A., CA 90039. Full name of registrant(s) is (are) LOPEZ, ELIAS VEGA, 2566 LAKEVIEW AVE., L.A., CA 90039. This Business is conducted by: AN INDIVIDUAL. Signed: LOPEZ, ELIAS VEGA. This statement was filed with the County Clerk of Los Angeles County on 07/19/11. The registrant(s) has (have) commenced to transact business under the fictitious business name or names listed above on N/A. NOTICE- This Fictitious Name Statement expires five years from the date it was filed in the office of the County Clerk. A new Fictitious Business Name Statement must be filed prior to that date. The filing of this statement does not of itself authorize the use in this state of a Fictitious Business Name in violation of the rights of another under Federal, State, or common law (See section 14411 et seq. Business and Professions Code)Publish: Mountain Views News
Dates Pub: July 30, Aug 06, 13, 20, 2011
FICTITIOUS BUSINESS NAME STATEMENT
File No. 11-067281
The following person(s) is (are) doing business as: FRANCISCO N. MERINO TRUCKING, 1002 N. LAKME, WILMINGTON, CA 90744. Full name of registrant(s) is (are) FRANCISCO NELSON MERINO, 1002 N. LAKME, WILMINGTON, CA 90744. This Business is conducted by: AN INDIVIDUAL. Signed: FRANCISCO NELSON MERINO. This statement was filed with the County Clerk of Los Angeles County on 07/19/11. The registrant(s) has (have) commenced to transact business under the fictitious business name or names listed above on N/A. NOTICE- This Fictitious Name Statement expires five years from the date it was filed in the office of the County Clerk. A new Fictitious Business Name Statement must be filed prior to that date. The filing of this statement does not of itself authorize the use in this state of a Fictitious Business Name in violation of the rights of another under Federal, State, or common law (See section 14411 et seq. Business and Professions Code)Publish: Mountain Views News
Dates Pub: July 30, Aug 06, 13, 20, 2011
FICTITIOUS BUSINESS NAME STATEMENT
File No. 11-067282
The following person(s) is (are) doing business as: FERNANDO PULIDO TRUCKING, 7035 NANCE ST., PARAMOUNT, CA 90723. Full name of registrant(s) is (are) PULIDO, FERNANDO, 7035 NANCE ST., PARAMOUNT, CA 90723. This Business is conducted by: AN INDIVIDUAL. Signed: PULIDO, FERNANDO. This statement was filed with the County Clerk of Los Angeles County on 07/19/11. The registrant(s) has (have) commenced to transact business under the fictitious business name or names listed above on N/A. NOTICE- This Fictitious Name Statement expires five years from the date it was filed in the office of the County Clerk. A new Fictitious Business Name Statement must be filed prior to that date. The filing of this statement does not of itself authorize the use in this state of a Fictitious Business Name in violation of the rights of another under Federal, State, or common law (See section 14411 et seq. Business and Professions Code)Publish: Mountain Views News
Dates Pub: July 30, Aug 06, 13, 20, 2011
FICTITIOUS BUSINESS NAME STATEMENT
File No. 11-067283
The following person(s) is (are) doing business as: FAATOLO ENTERPRISES, 21901 MONETA AVE., CARSON, CA 90745. Full name of registrant(s) is (are) SIAGI JOHN FAATOLO, 21901 MONETA AVE., CARSON, CA 90745. This Business is conducted by: AN INDIVIDUAL. Signed: SIAGI JOHN FAATOLO. This statement was filed with the County Clerk of Los Angeles County on 07/19/11. The registrant(s) has (have) commenced to transact business under the fictitious business name or names listed above on N/A. NOTICE- This Fictitious Name Statement expires five years from the date it was filed in the office of the County Clerk. A new Fictitious Business Name Statement must be filed prior to that date. The filing of this statement does not of itself
